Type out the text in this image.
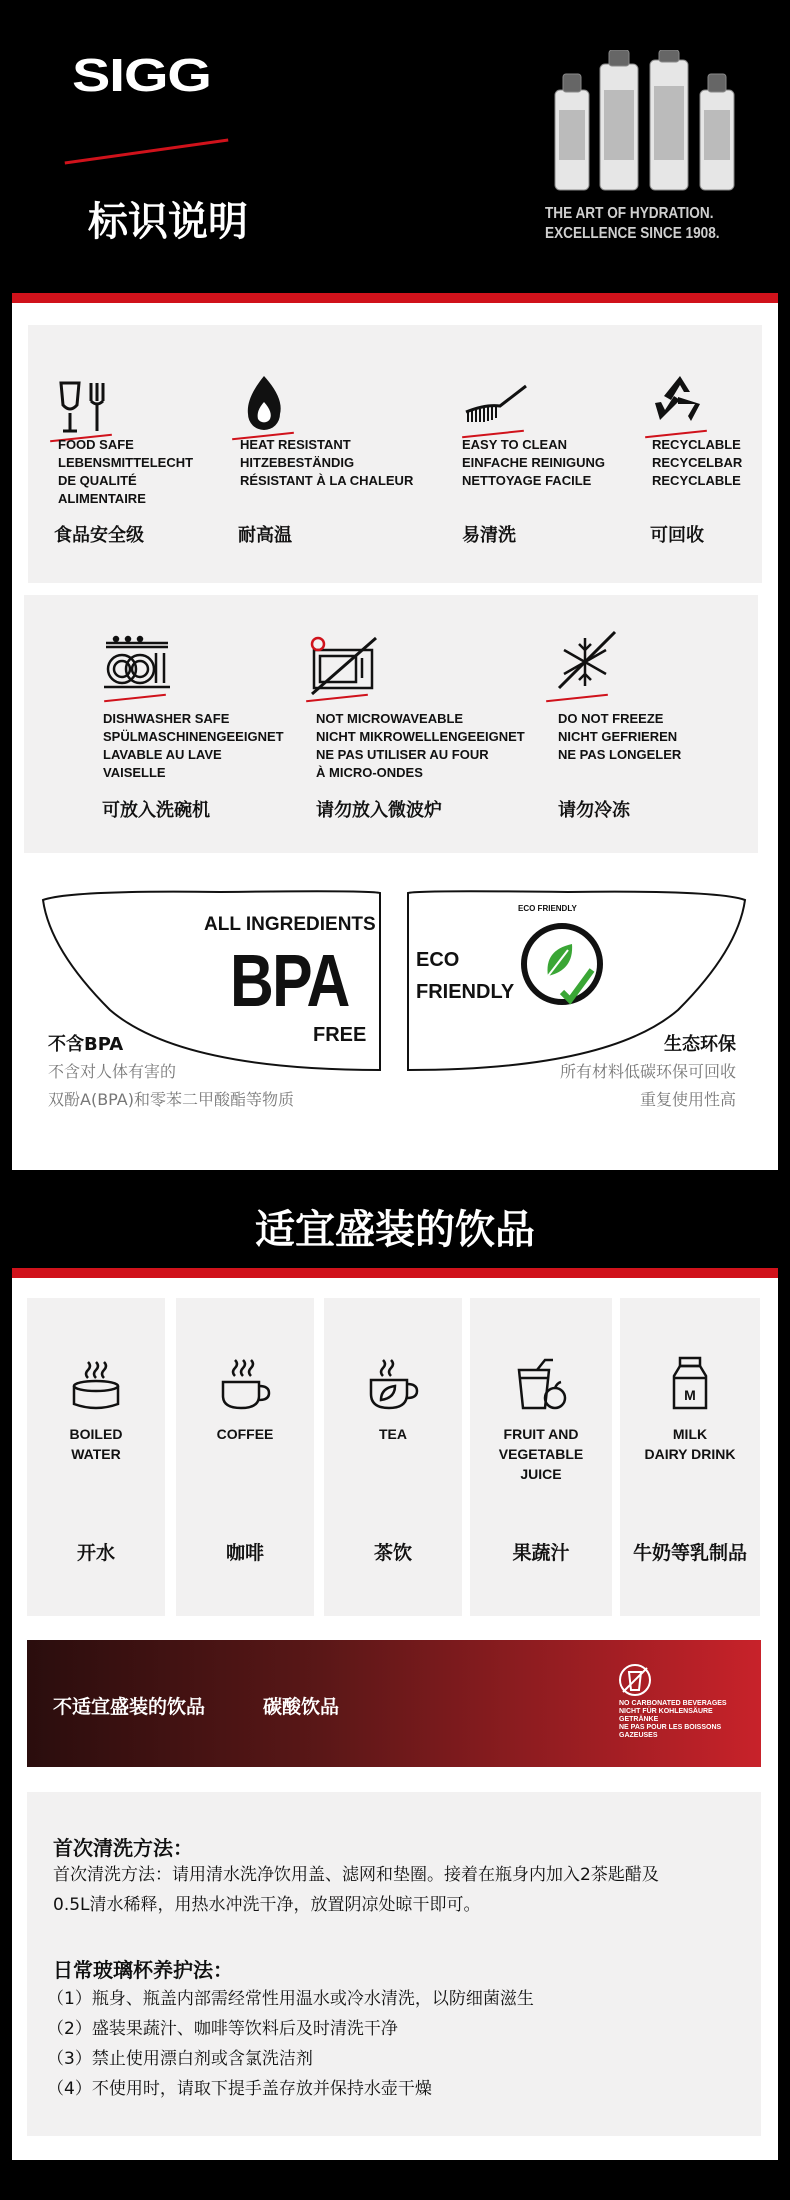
SIGG
标识说明	THE ART OF HYDRATION.
EXCELLENCE SINCE 1908.
FOOD SAFE
LEBENSMITTELECHT
DE QUALITÉ
ALIMENTAIRE
食品安全级
HEAT RESISTANT
HITZEBESTÄNDIG
RÉSISTANT À LA CHALEUR
耐高温
EASY TO CLEAN
EINFACHE REINIGUNG
NETTOYAGE FACILE
易清洗
RECYCLABLE
RECYCELBAR
RECYCLABLE
可回收
DISHWASHER SAFE
SPÜLMASCHINENGEEIGNET
LAVABLE AU LAVE
VAISELLE
可放入洗碗机
NOT MICROWAVEABLE
NICHT MIKROWELLENGEEIGNET
NE PAS UTILISER AU FOUR
À MICRO-ONDES
请勿放入微波炉
DO NOT FREEZE
NICHT GEFRIEREN
NE PAS LONGELER
请勿冷冻
ALL INGREDIENTS
BPA
FREE
ECO
FRIENDLY
ECO FRIENDLY
不含BPA
不含对人体有害的
双酚A(BPA)和零苯二甲酸酯等物质
生态环保
所有材料低碳环保可回收
重复使用性高
适宜盛装的饮品
BOILED
WATER
开水
COFFEE
咖啡
TEA
茶饮
FRUIT AND
VEGETABLE
JUICE
果蔬汁
M
MILK
DAIRY DRINK
牛奶等乳制品
不适宜盛装的饮品	碳酸饮品	NO CARBONATED BEVERAGES
NICHT FÜR KOHLENSÄURE
GETRÄNKE
NE PAS POUR LES BOISSONS
GAZEUSES
首次清洗方法：
首次清洗方法：请用清水洗净饮用盖、滤网和垫圈。接着在瓶身内加入2茶匙醋及
0.5L清水稀释，用热水冲洗干净，放置阴凉处晾干即可。
日常玻璃杯养护法：
（1）瓶身、瓶盖内部需经常性用温水或冷水清洗，以防细菌滋生
（2）盛装果蔬汁、咖啡等饮料后及时清洗干净
（3）禁止使用漂白剂或含氯洗洁剂
（4）不使用时，请取下提手盖存放并保持水壶干燥
